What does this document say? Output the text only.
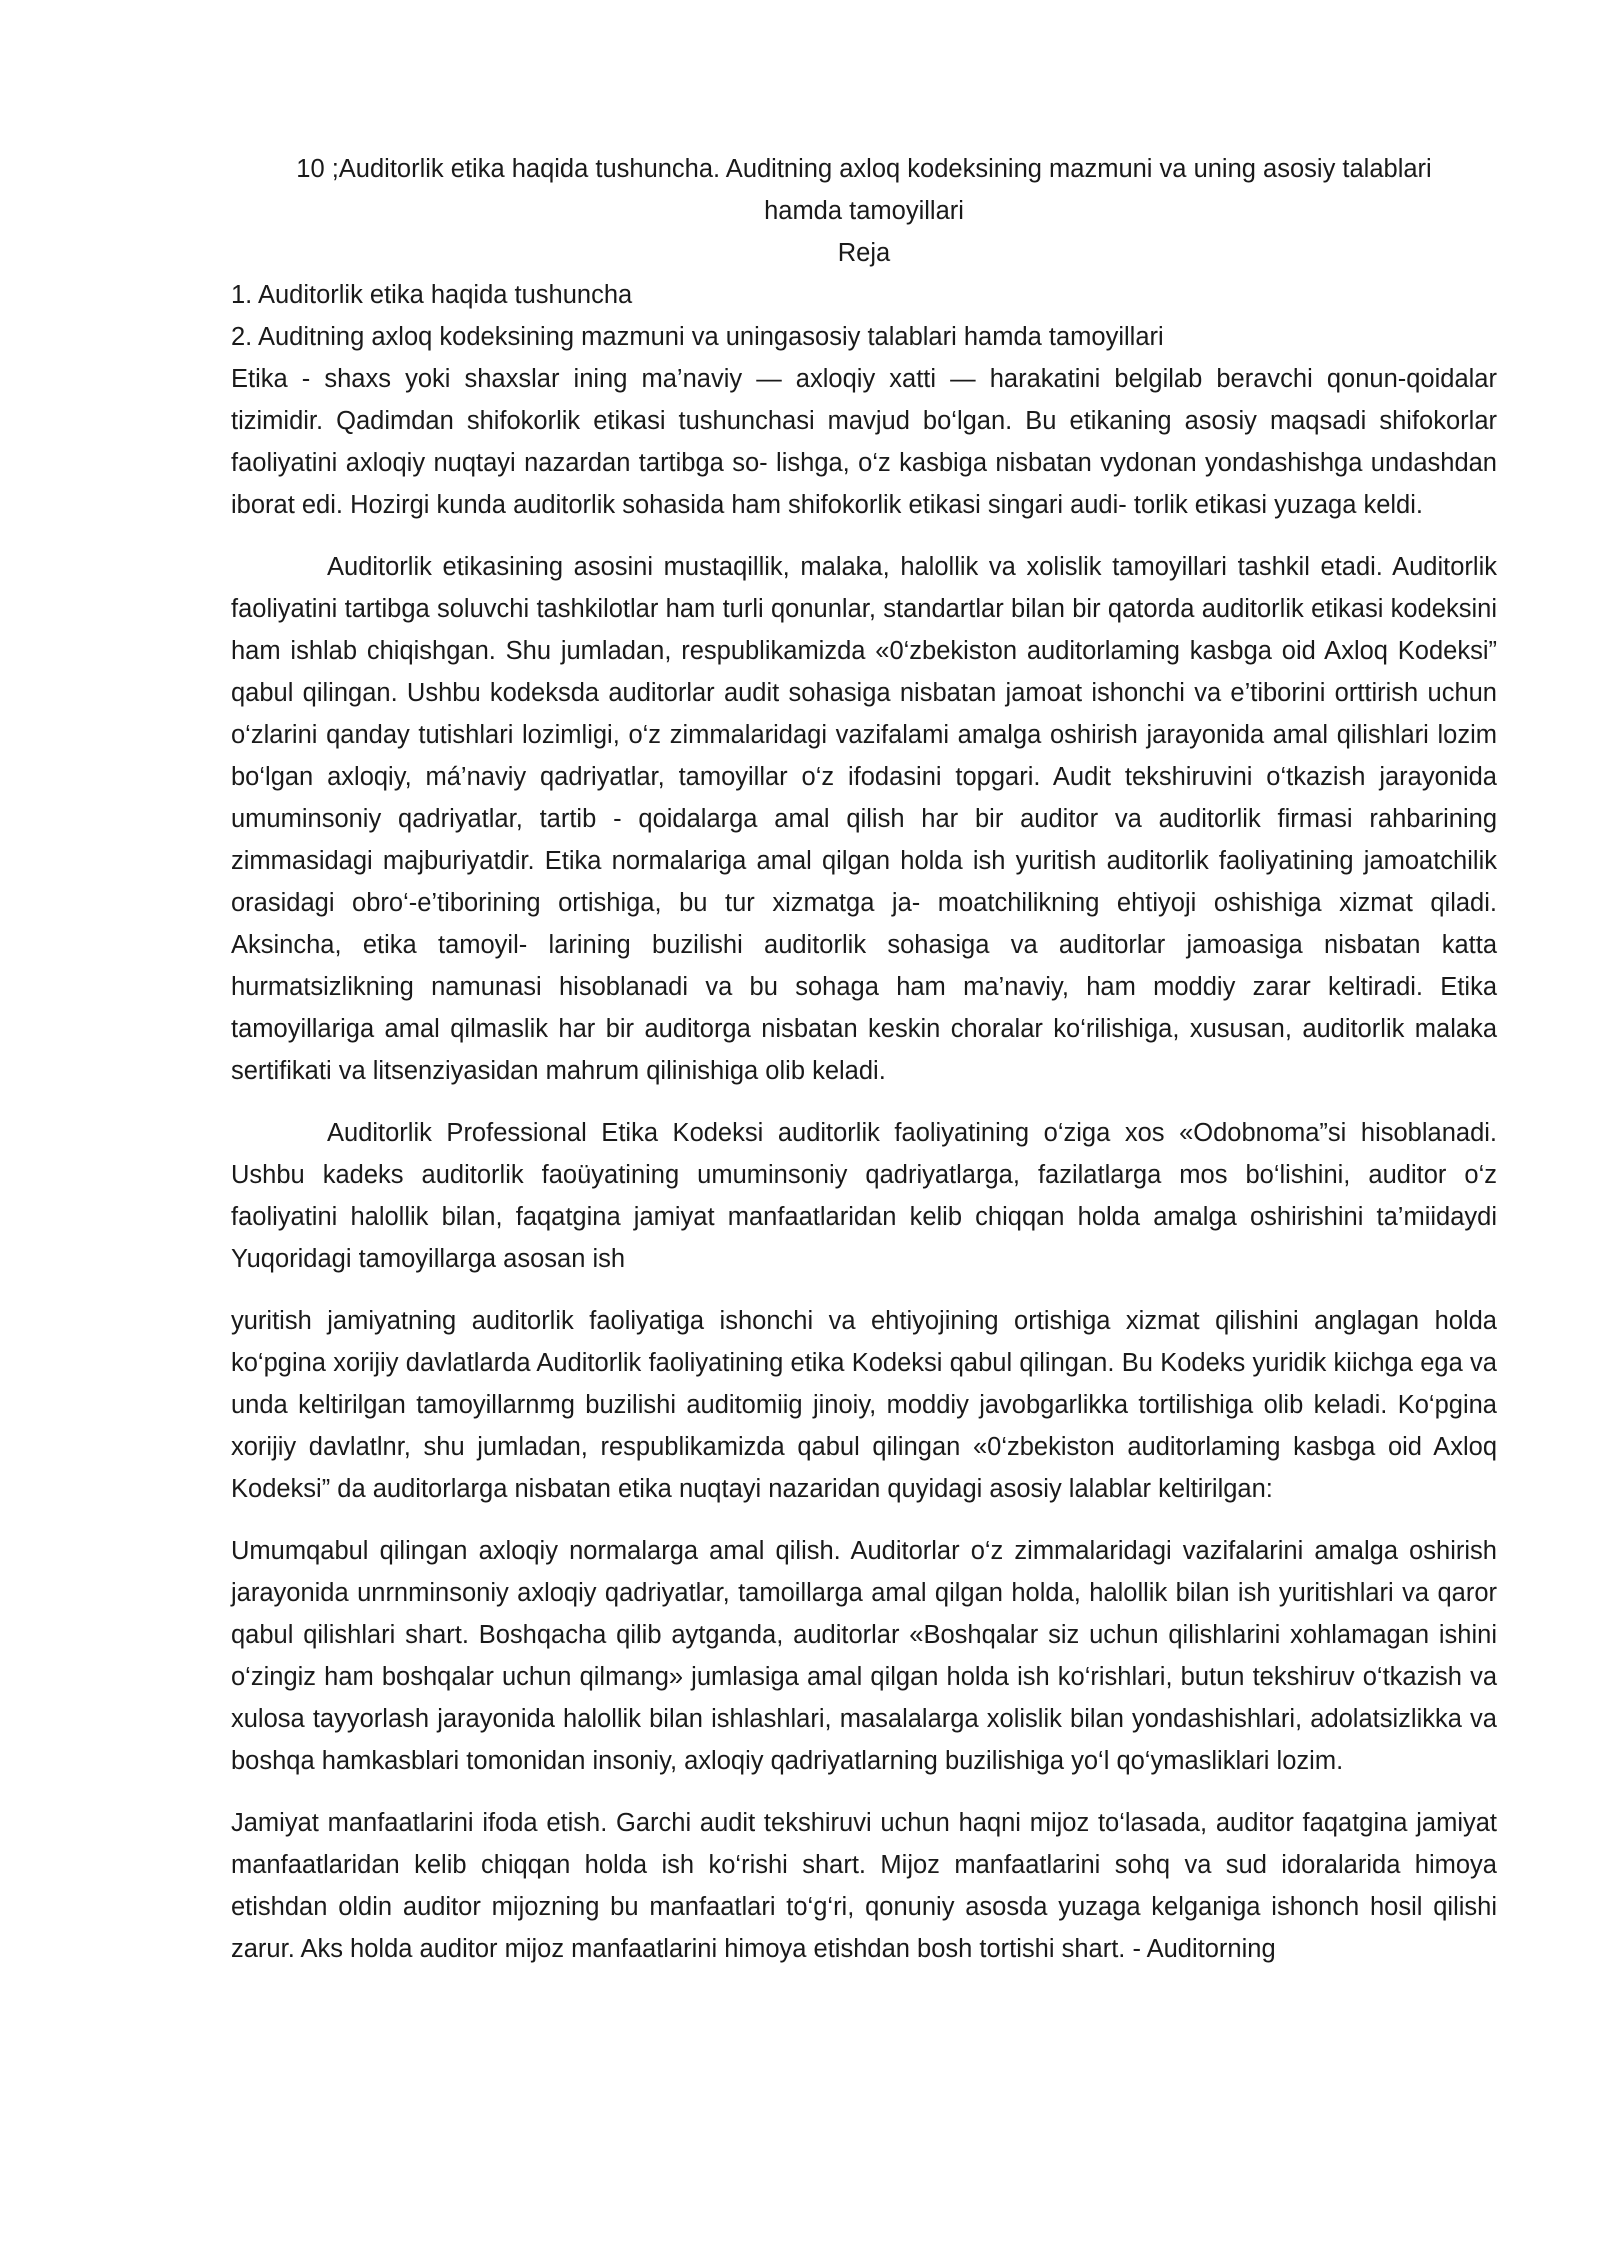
10 ;Auditorlik etika haqida tushuncha. Auditning axloq kodeksining mazmuni va uning asosiy talablari

hamda tamoyillari

Reja

1. Auditorlik etika haqida tushuncha

2. Auditning axloq kodeksining mazmuni va uningasosiy talablari hamda tamoyillari

Etika - shaxs yoki shaxslar ining ma’naviy — axloqiy xatti — harakatini belgilab beravchi qonun-qoidalar tizimidir. Qadimdan shifokorlik etikasi tushunchasi mavjud bo‘lgan. Bu etikaning asosiy maqsadi shifokorlar faoliyatini axloqiy nuqtayi nazardan tartibga so- lishga, o‘z kasbiga nisbatan vydonan yondashishga undashdan iborat edi. Hozirgi kunda auditorlik sohasida ham shifokorlik etikasi singari audi- torlik etikasi yuzaga keldi.

Auditorlik etikasining asosini mustaqillik, malaka, halollik va xolislik tamoyillari tashkil etadi. Auditorlik faoliyatini tartibga soluvchi tashkilotlar ham turli qonunlar, standartlar bilan bir qatorda auditorlik etikasi kodeksini ham ishlab chiqishgan. Shu jumladan, respublikamizda «0‘zbekiston auditorlaming kasbga oid Axloq Kodeksi” qabul qilingan. Ushbu kodeksda auditorlar audit sohasiga nisbatan jamoat ishonchi va e’tiborini orttirish uchun o‘zlarini qanday tutishlari lozimligi, o‘z zimmalaridagi vazifalami amalga oshirish jarayonida amal qilishlari lozim bo‘lgan axloqiy, má’naviy qadriyatlar, tamoyillar o‘z ifodasini topgari. Audit tekshiruvini o‘tkazish jarayonida umuminsoniy qadriyatlar, tartib - qoidalarga amal qilish har bir auditor va auditorlik firmasi rahbarining zimmasidagi majburiyatdir. Etika normalariga amal qilgan holda ish yuritish auditorlik faoliyatining jamoatchilik orasidagi obro‘-e’tiborining ortishiga, bu tur xizmatga ja- moatchilikning ehtiyoji oshishiga xizmat qiladi. Aksincha, etika tamoyil- larining buzilishi auditorlik sohasiga va auditorlar jamoasiga nisbatan katta hurmatsizlikning namunasi hisoblanadi va bu sohaga ham ma’naviy, ham moddiy zarar keltiradi. Etika tamoyillariga amal qilmaslik har bir auditorga nisbatan keskin choralar ko‘rilishiga, xususan, auditorlik malaka sertifikati va litsenziyasidan mahrum qilinishiga olib keladi.

Auditorlik Professional Etika Kodeksi auditorlik faoliyatining o‘ziga xos «Odobnoma”si hisoblanadi. Ushbu kadeks auditorlik faoüyatining umuminsoniy qadriyatlarga, fazilatlarga mos bo‘lishini, auditor o‘z faoliyatini halollik bilan, faqatgina jamiyat manfaatlaridan kelib chiqqan holda amalga oshirishini ta’miidaydi Yuqoridagi tamoyillarga asosan ish

yuritish jamiyatning auditorlik faoliyatiga ishonchi va ehtiyojining ortishiga xizmat qilishini anglagan holda ko‘pgina xorijiy davlatlarda Auditorlik faoliyatining etika Kodeksi qabul qilingan. Bu Kodeks yuridik kiichga ega va unda keltirilgan tamoyillarnmg buzilishi auditomiig jinoiy, moddiy javobgarlikka tortilishiga olib keladi. Ko‘pgina xorijiy davlatlnr, shu jumladan, respublikamizda qabul qilingan «0‘zbekiston auditorlaming kasbga oid Axloq Kodeksi” da auditorlarga nisbatan etika nuqtayi nazaridan quyidagi asosiy lalablar keltirilgan:

Umumqabul qilingan axloqiy normalarga amal qilish. Auditorlar o‘z zimmalaridagi vazifalarini amalga oshirish jarayonida unrnminsoniy axloqiy qadriyatlar, tamoillarga amal qilgan holda, halollik bilan ish yuritishlari va qaror qabul qilishlari shart. Boshqacha qilib aytganda, auditorlar «Boshqalar siz uchun qilishlarini xohlamagan ishini o‘zingiz ham boshqalar uchun qilmang» jumlasiga amal qilgan holda ish ko‘rishlari, butun tekshiruv o‘tkazish va xulosa tayyorlash jarayonida halollik bilan ishlashlari, masalalarga xolislik bilan yondashishlari, adolatsizlikka va boshqa hamkasblari tomonidan insoniy, axloqiy qadriyatlarning buzilishiga yo‘l qo‘ymasliklari lozim.

Jamiyat manfaatlarini ifoda etish. Garchi audit tekshiruvi uchun haqni mijoz to‘lasada, auditor faqatgina jamiyat manfaatlaridan kelib chiqqan holda ish ko‘rishi shart. Mijoz manfaatlarini sohq va sud idoralarida himoya etishdan oldin auditor mijozning bu manfaatlari to‘g‘ri, qonuniy asosda yuzaga kelganiga ishonch hosil qilishi zarur. Aks holda auditor mijoz manfaatlarini himoya etishdan bosh tortishi shart. - Auditorning
